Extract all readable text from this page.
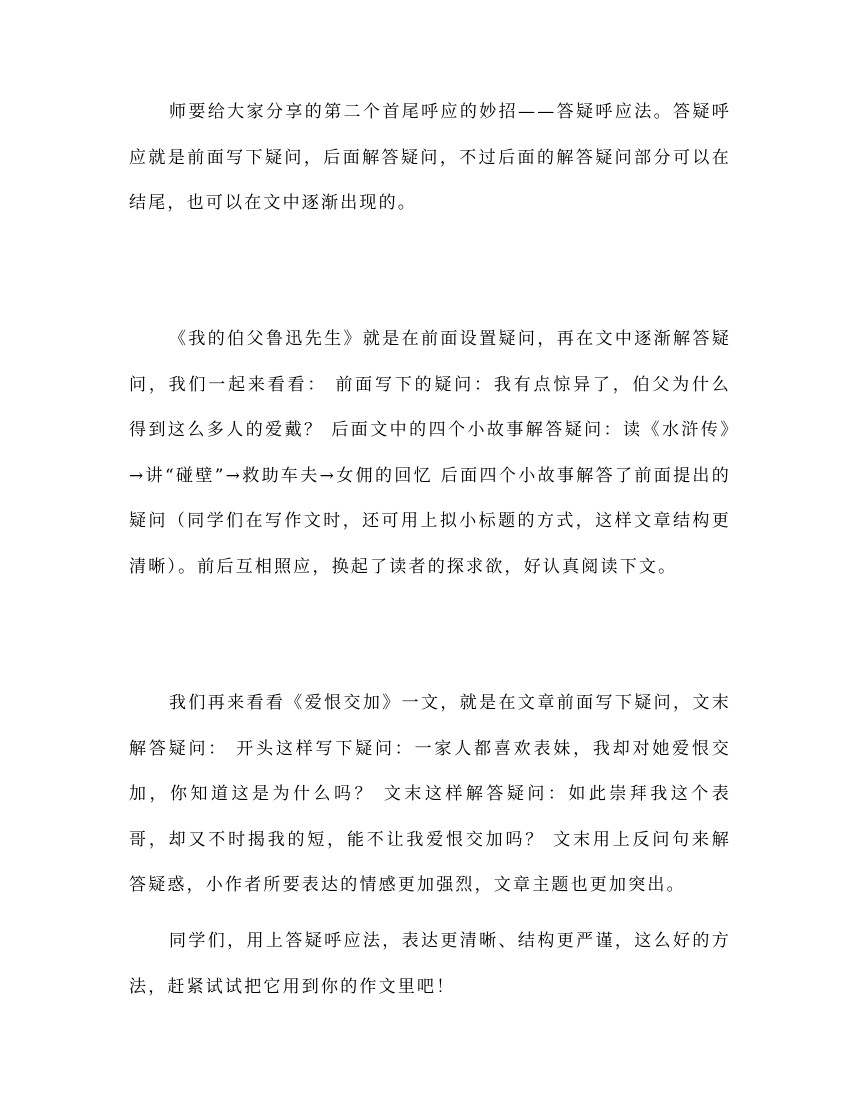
师要给大家分享的第二个首尾呼应的妙招——答疑呼应法。答疑呼应就是前面写下疑问，后面解答疑问，不过后面的解答疑问部分可以在结尾，也可以在文中逐渐出现的。

《我的伯父鲁迅先生》就是在前面设置疑问，再在文中逐渐解答疑问，我们一起来看看： 前面写下的疑问：我有点惊异了，伯父为什么得到这么多人的爱戴？ 后面文中的四个小故事解答疑问：读《水浒传》→讲“碰壁”→救助车夫→女佣的回忆 后面四个小故事解答了前面提出的疑问（同学们在写作文时，还可用上拟小标题的方式，这样文章结构更清晰）。前后互相照应，换起了读者的探求欲，好认真阅读下文。

我们再来看看《爱恨交加》一文，就是在文章前面写下疑问，文末解答疑问： 开头这样写下疑问：一家人都喜欢表妹，我却对她爱恨交加，你知道这是为什么吗？ 文末这样解答疑问：如此崇拜我这个表哥，却又不时揭我的短，能不让我爱恨交加吗？ 文末用上反问句来解答疑惑，小作者所要表达的情感更加强烈，文章主题也更加突出。

同学们，用上答疑呼应法，表达更清晰、结构更严谨，这么好的方法，赶紧试试把它用到你的作文里吧！
